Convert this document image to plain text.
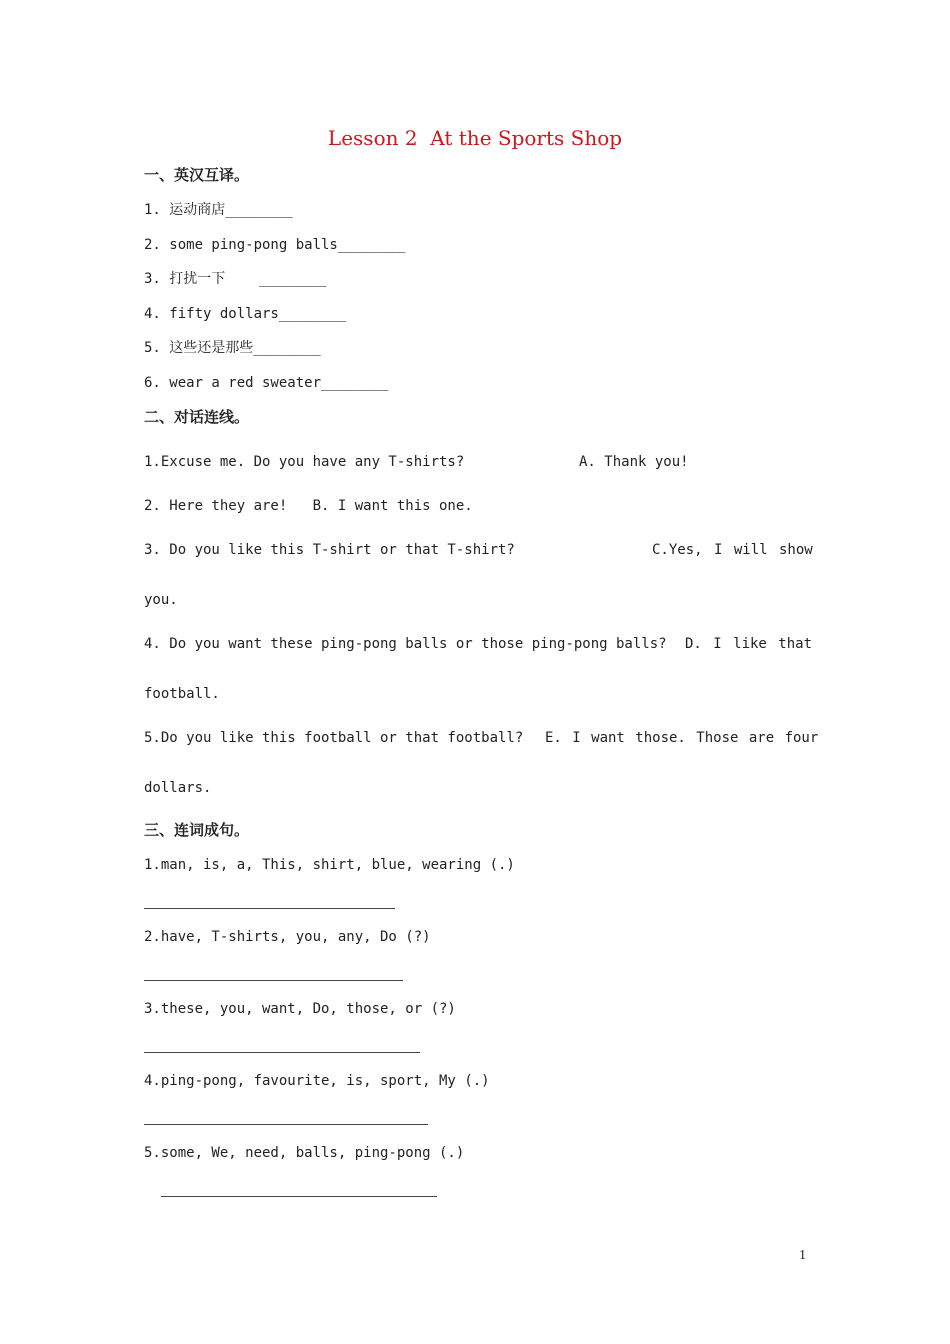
Lesson 2  At the Sports Shop
一、英汉互译。
1. 运动商店________
2. some ping-pong balls________
3. 打扰一下    ________
4. fifty dollars________
5. 这些还是那些________
6. wear a red sweater________
二、对话连线。
1.Excuse me. Do you have any T-shirts?	A. Thank you!
2. Here they are!   B. I want this one.
3. Do you like this T-shirt or that T-shirt?	C.Yes, I will show
you.
4. Do you want these ping-pong balls or those ping-pong balls? D. I like that
football.
5.Do you like this football or that football? E. I want those. Those are four
dollars.
三、连词成句。
1.man, is, a, This, shirt, blue, wearing (.)
2.have, T-shirts, you, any, Do (?)
3.these, you, want, Do, those, or (?)
4.ping-pong, favourite, is, sport, My (.)
5.some, We, need, balls, ping-pong (.)
1
